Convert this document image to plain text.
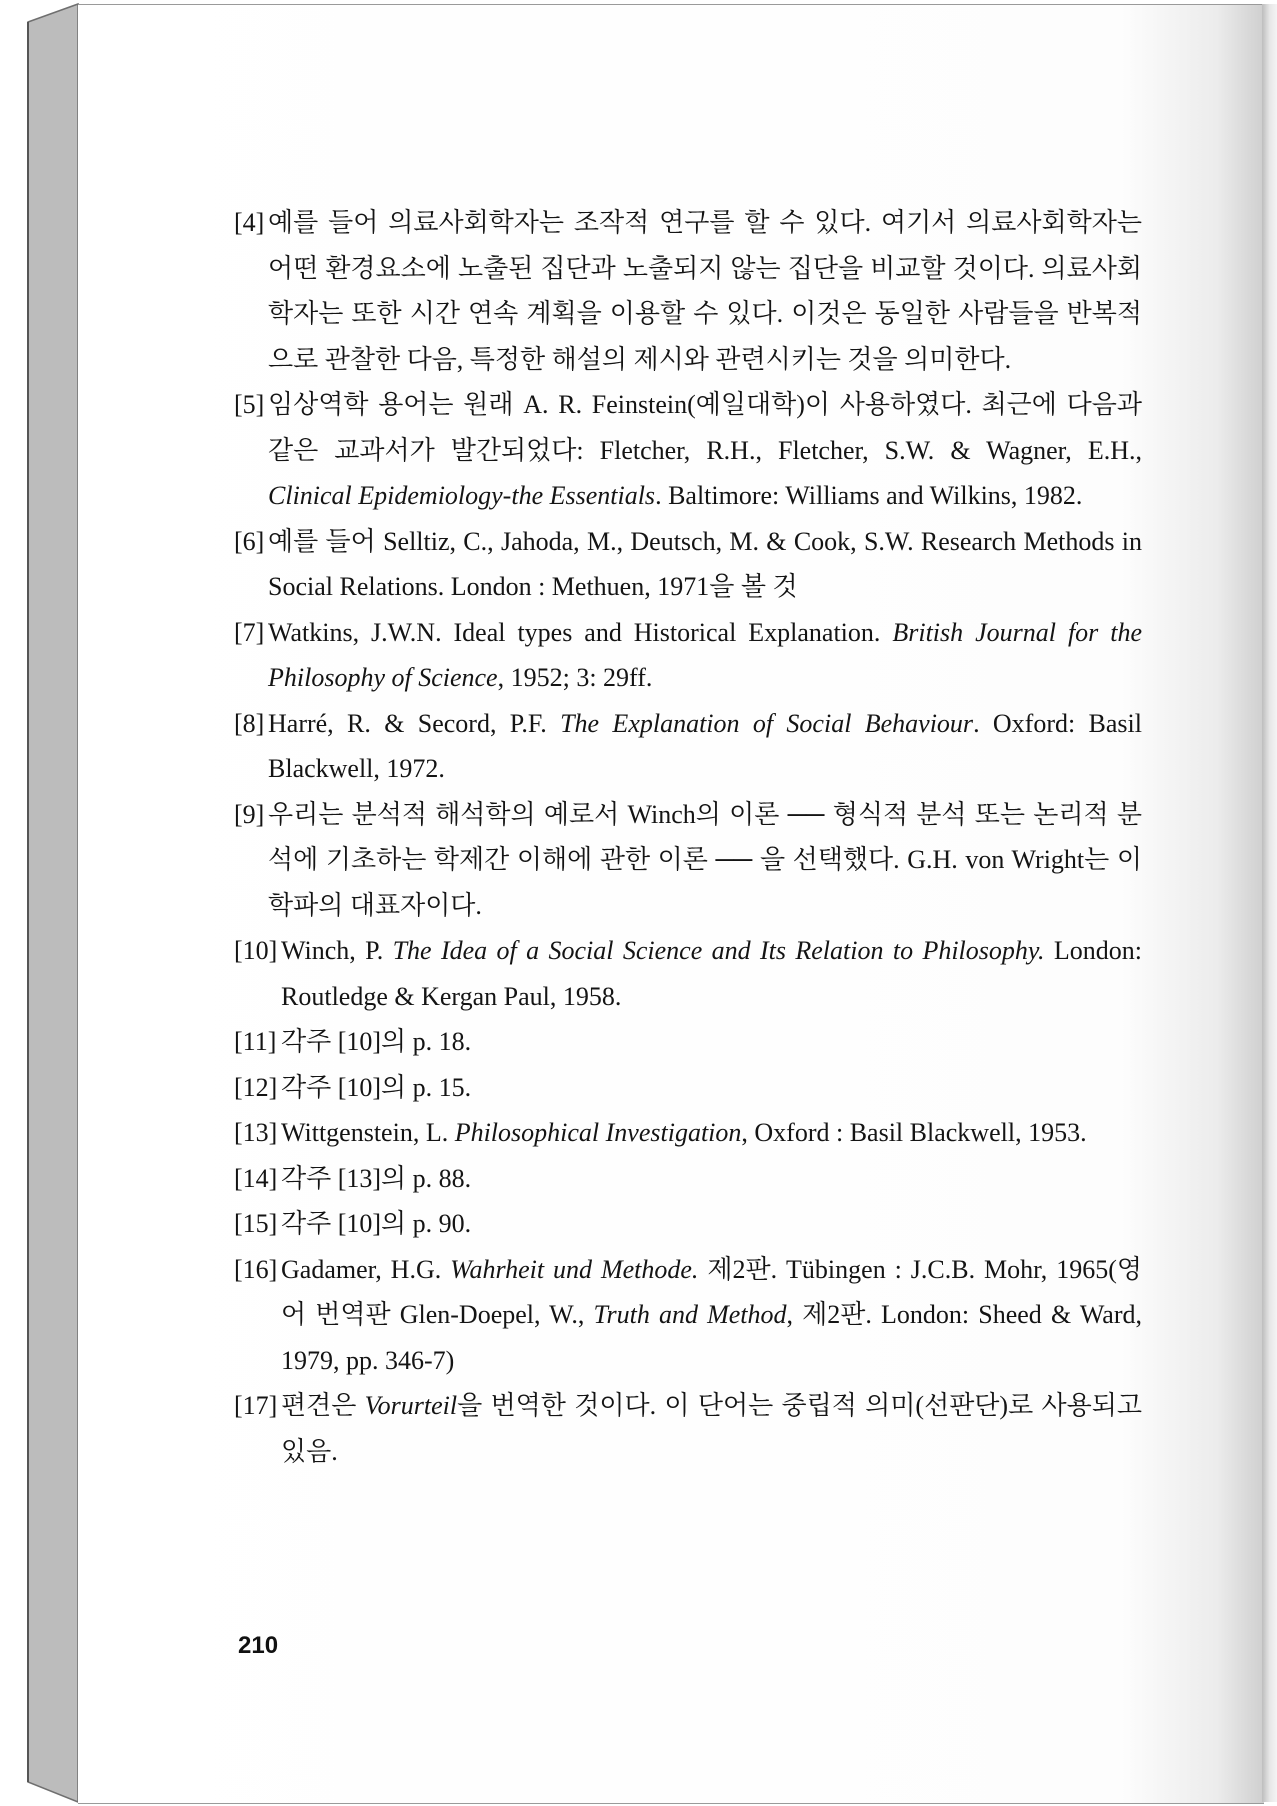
[4] 예를 들어 의료사회학자는 조작적 연구를 할 수 있다. 여기서 의료사회학자는 어떤 환경요소에 노출된 집단과 노출되지 않는 집단을 비교할 것이다. 의료사회학자는 또한 시간 연속 계획을 이용할 수 있다. 이것은 동일한 사람들을 반복적으로 관찰한 다음, 특정한 해설의 제시와 관련시키는 것을 의미한다.

[5] 임상역학 용어는 원래 A. R. Feinstein(예일대학)이 사용하였다. 최근에 다음과 같은 교과서가 발간되었다: Fletcher, R.H., Fletcher, S.W. & Wagner, E.H., Clinical Epidemiology-the Essentials. Baltimore: Williams and Wilkins, 1982.

[6] 예를 들어 Selltiz, C., Jahoda, M., Deutsch, M. & Cook, S.W. Research Methods in Social Relations. London : Methuen, 1971을 볼 것

[7] Watkins, J.W.N. Ideal types and Historical Explanation. British Journal for the Philosophy of Science, 1952; 3: 29ff.

[8] Harré, R. & Secord, P.F. The Explanation of Social Behaviour. Oxford: Basil Blackwell, 1972.

[9] 우리는 분석적 해석학의 예로서 Winch의 이론 ── 형식적 분석 또는 논리적 분석에 기초하는 학제간 이해에 관한 이론 ── 을 선택했다. G.H. von Wright는 이 학파의 대표자이다.

[10] Winch, P. The Idea of a Social Science and Its Relation to Philosophy. London: Routledge & Kergan Paul, 1958.

[11] 각주 [10]의 p. 18.

[12] 각주 [10]의 p. 15.

[13] Wittgenstein, L. Philosophical Investigation, Oxford : Basil Blackwell, 1953.

[14] 각주 [13]의 p. 88.

[15] 각주 [10]의 p. 90.

[16] Gadamer, H.G. Wahrheit und Methode. 제2판. Tübingen : J.C.B. Mohr, 1965(영어 번역판 Glen-Doepel, W., Truth and Method, 제2판. London: Sheed & Ward, 1979, pp. 346-7)

[17] 편견은 Vorurteil을 번역한 것이다. 이 단어는 중립적 의미(선판단)로 사용되고 있음.

210
